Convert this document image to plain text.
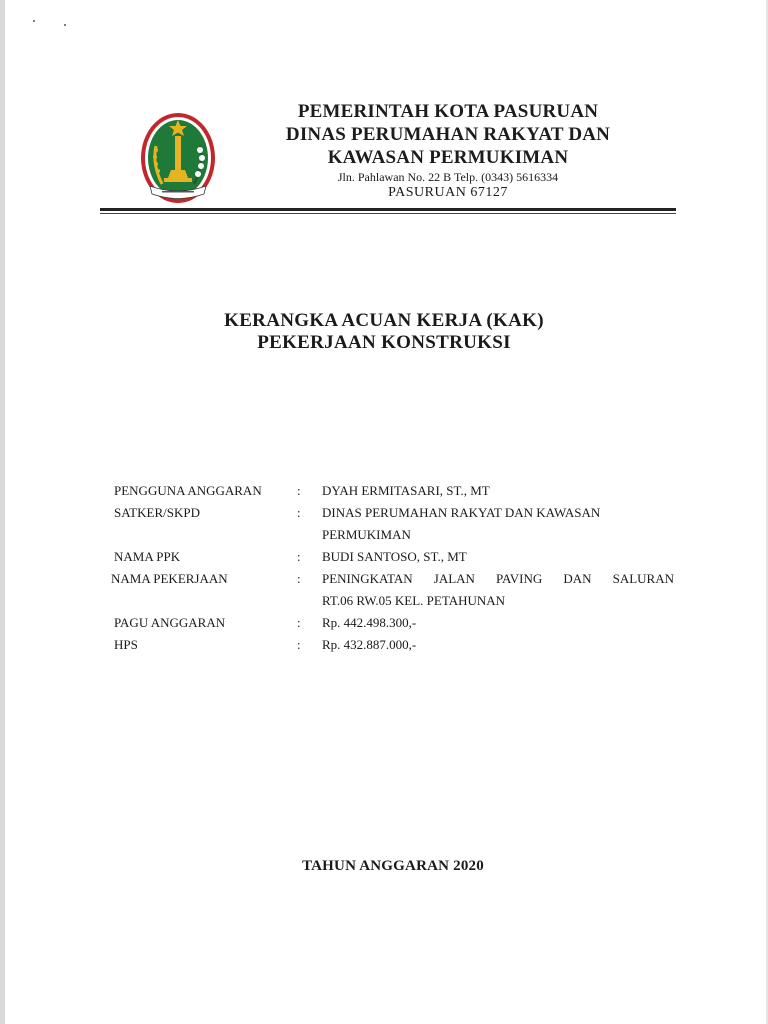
PEMERINTAH KOTA PASURUAN
DINAS PERUMAHAN RAKYAT DAN
KAWASAN PERMUKIMAN
Jln. Pahlawan No. 22 B Telp. (0343) 5616334
PASURUAN 67127
KERANGKA ACUAN KERJA (KAK)
PEKERJAAN KONSTRUKSI
PENGGUNA ANGGARAN	:	DYAH ERMITASARI, ST., MT
SATKER/SKPD	:	DINAS PERUMAHAN RAKYAT DAN KAWASAN
PERMUKIMAN
NAMA PPK	:	BUDI SANTOSO, ST., MT
NAMA PEKERJAAN	:	PENINGKATAN JALAN PAVING DAN SALURAN
RT.06 RW.05 KEL. PETAHUNAN
PAGU ANGGARAN	:	Rp. 442.498.300,-
HPS	:	Rp. 432.887.000,-
TAHUN ANGGARAN 2020
